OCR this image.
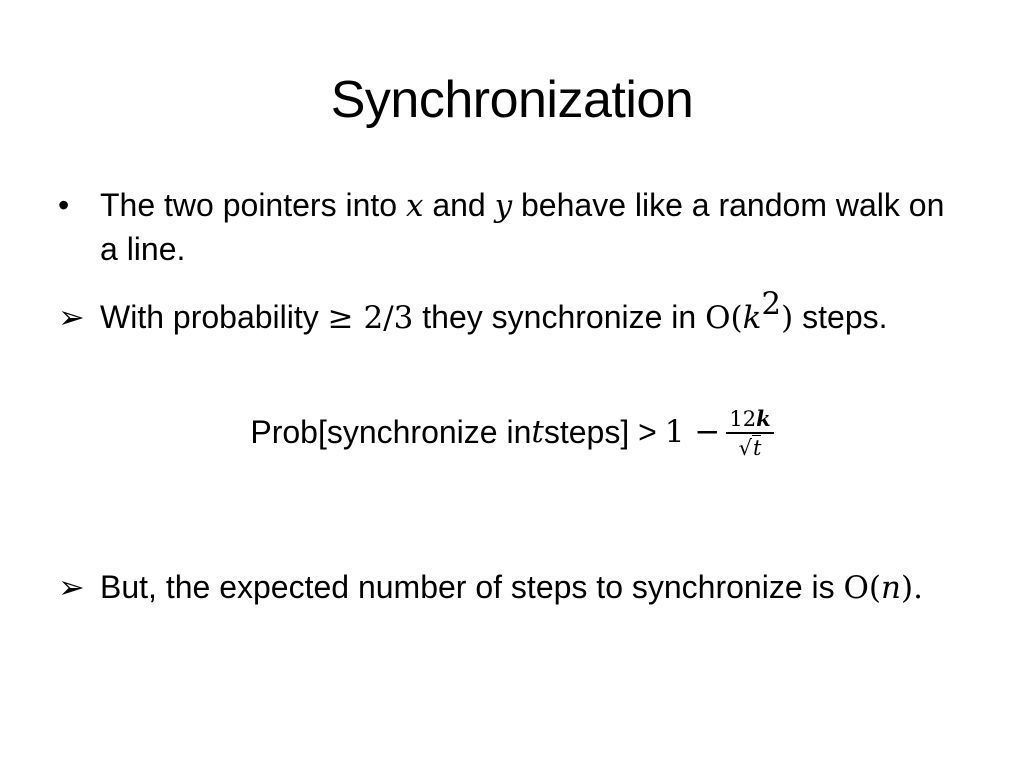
Synchronization
• The two pointers into x and y behave like a random walk on a line.
➢ With probability ≥ 2/3 they synchronize in $O(k^2)$ steps.
Prob[synchronize in t steps] > $1 - \frac{12k}{√t}$
➢ But, the expected number of steps to synchronize is O(n).
